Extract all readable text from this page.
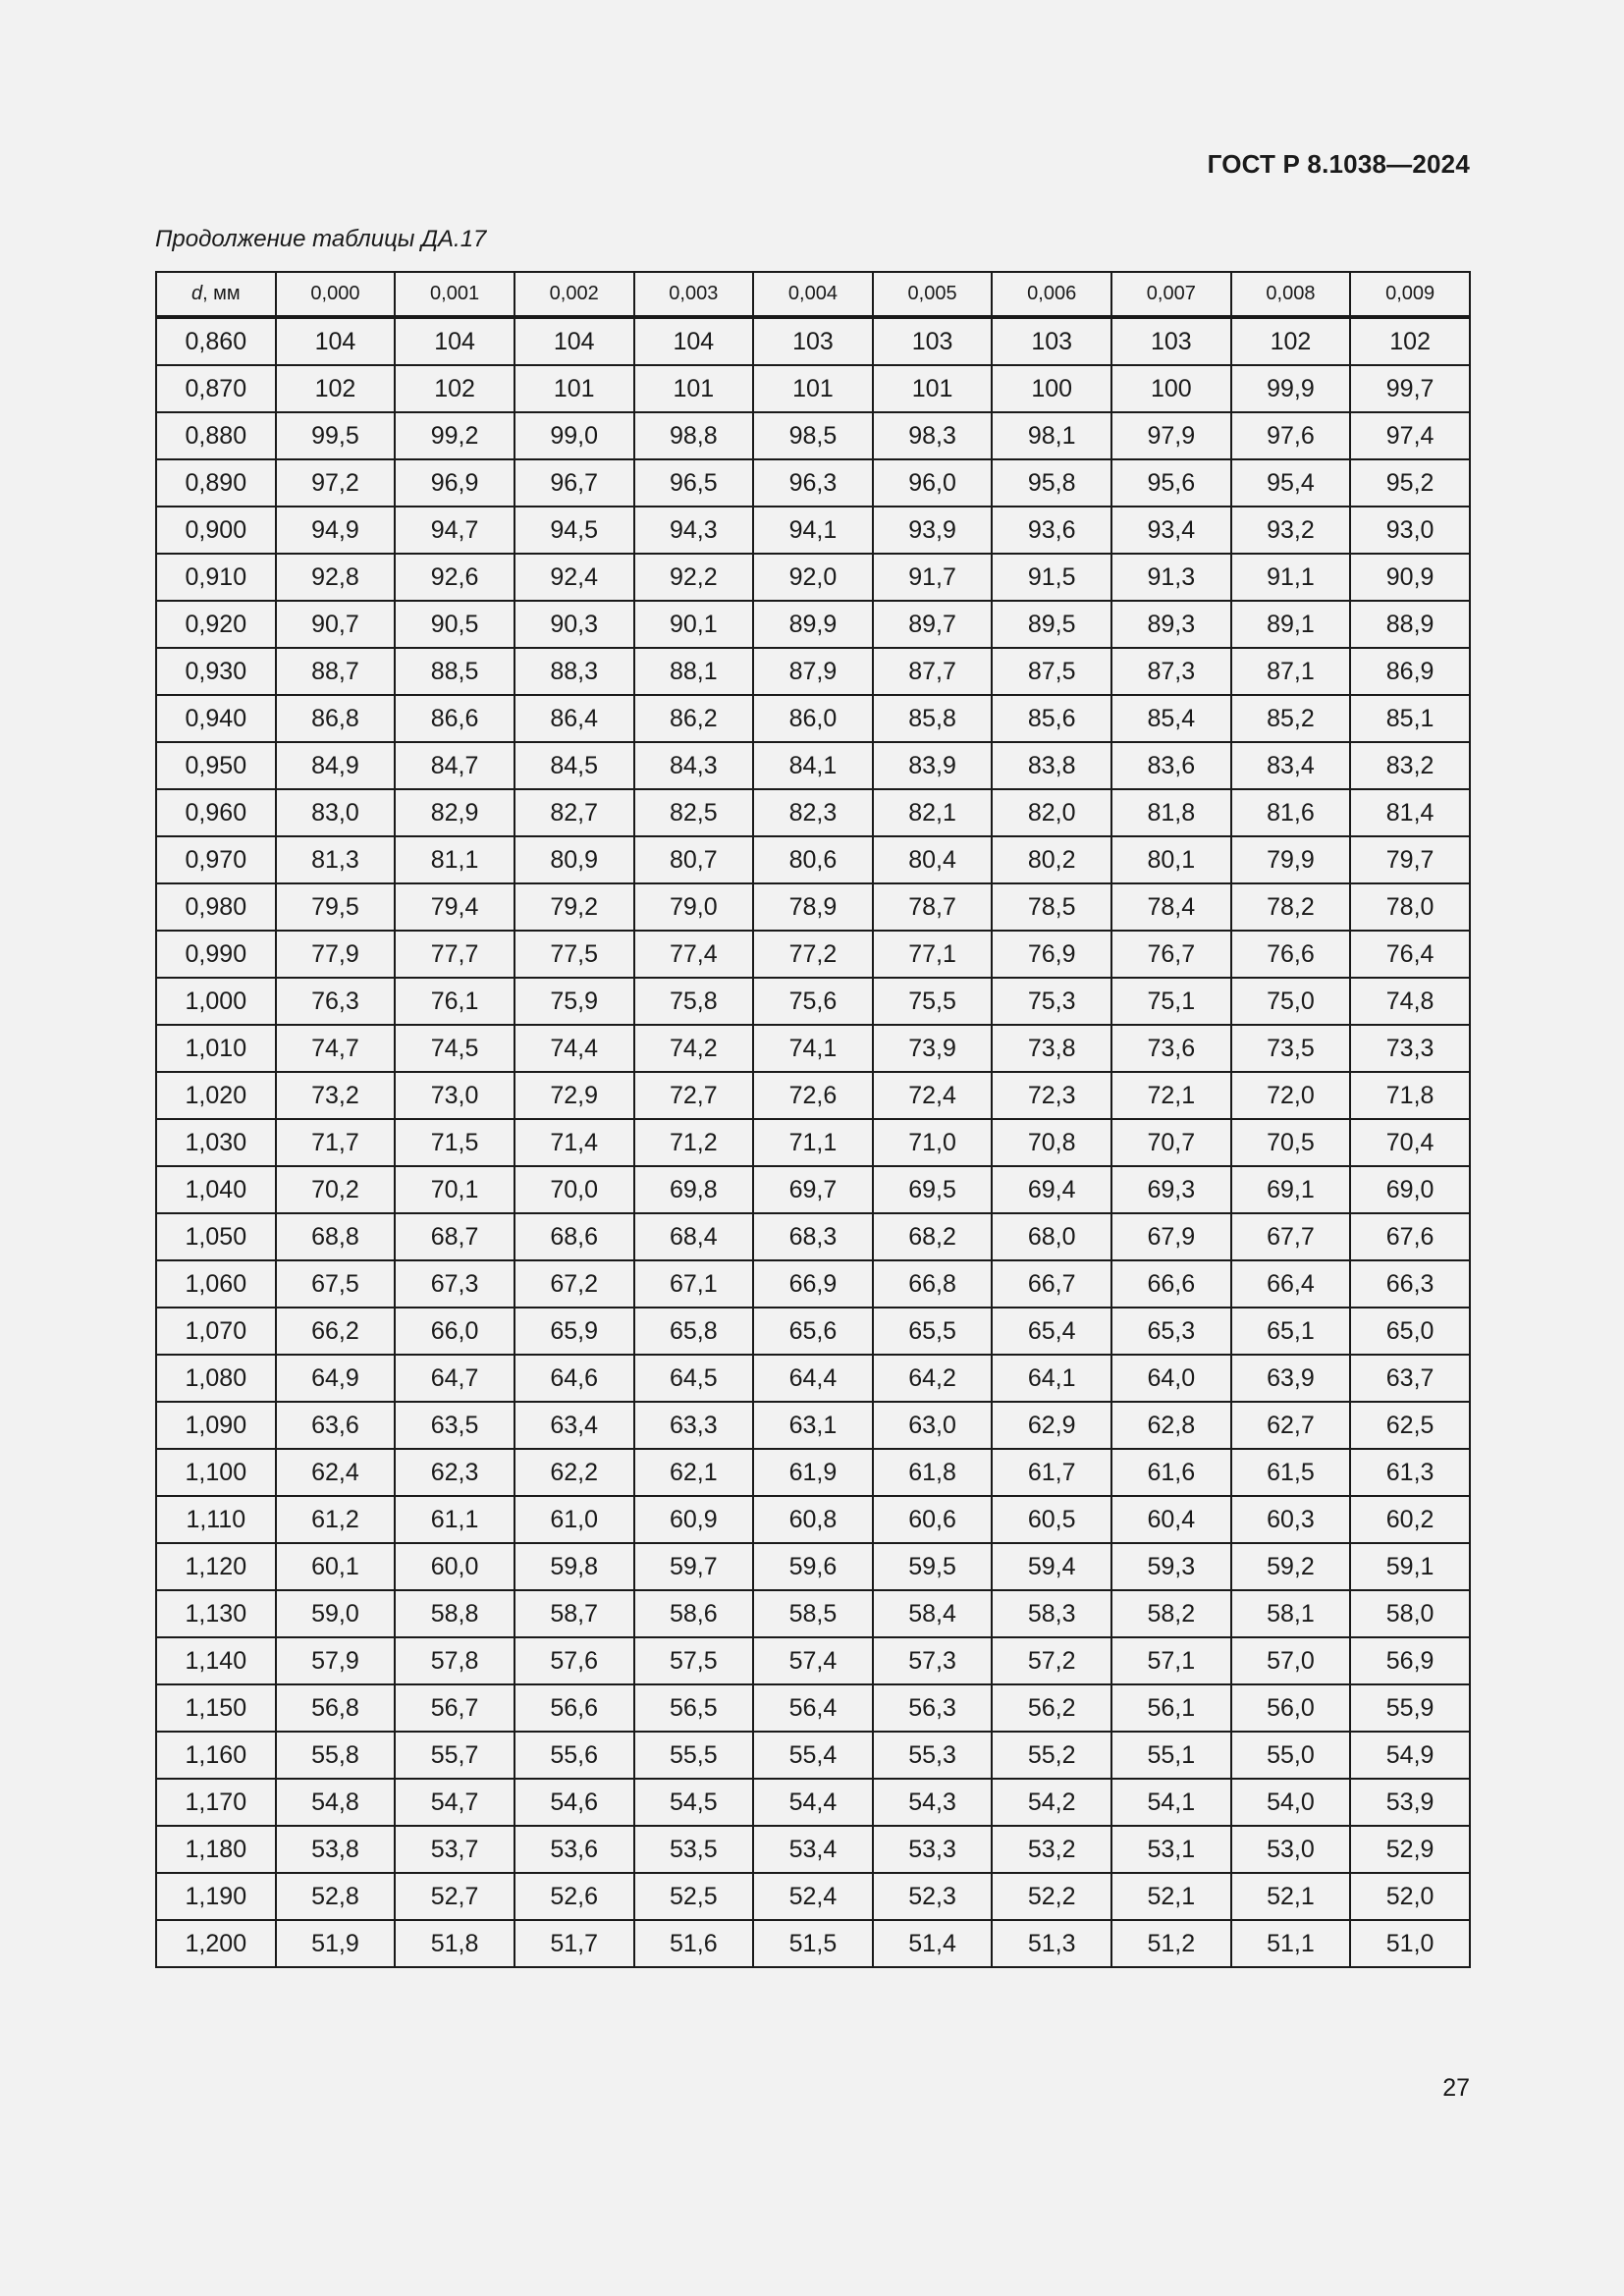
ГОСТ Р 8.1038—2024
Продолжение таблицы ДА.17
d, мм	0,000	0,001	0,002	0,003	0,004	0,005	0,006	0,007	0,008	0,009
0,860	104	104	104	104	103	103	103	103	102	102
0,870	102	102	101	101	101	101	100	100	99,9	99,7
0,880	99,5	99,2	99,0	98,8	98,5	98,3	98,1	97,9	97,6	97,4
0,890	97,2	96,9	96,7	96,5	96,3	96,0	95,8	95,6	95,4	95,2
0,900	94,9	94,7	94,5	94,3	94,1	93,9	93,6	93,4	93,2	93,0
0,910	92,8	92,6	92,4	92,2	92,0	91,7	91,5	91,3	91,1	90,9
0,920	90,7	90,5	90,3	90,1	89,9	89,7	89,5	89,3	89,1	88,9
0,930	88,7	88,5	88,3	88,1	87,9	87,7	87,5	87,3	87,1	86,9
0,940	86,8	86,6	86,4	86,2	86,0	85,8	85,6	85,4	85,2	85,1
0,950	84,9	84,7	84,5	84,3	84,1	83,9	83,8	83,6	83,4	83,2
0,960	83,0	82,9	82,7	82,5	82,3	82,1	82,0	81,8	81,6	81,4
0,970	81,3	81,1	80,9	80,7	80,6	80,4	80,2	80,1	79,9	79,7
0,980	79,5	79,4	79,2	79,0	78,9	78,7	78,5	78,4	78,2	78,0
0,990	77,9	77,7	77,5	77,4	77,2	77,1	76,9	76,7	76,6	76,4
1,000	76,3	76,1	75,9	75,8	75,6	75,5	75,3	75,1	75,0	74,8
1,010	74,7	74,5	74,4	74,2	74,1	73,9	73,8	73,6	73,5	73,3
1,020	73,2	73,0	72,9	72,7	72,6	72,4	72,3	72,1	72,0	71,8
1,030	71,7	71,5	71,4	71,2	71,1	71,0	70,8	70,7	70,5	70,4
1,040	70,2	70,1	70,0	69,8	69,7	69,5	69,4	69,3	69,1	69,0
1,050	68,8	68,7	68,6	68,4	68,3	68,2	68,0	67,9	67,7	67,6
1,060	67,5	67,3	67,2	67,1	66,9	66,8	66,7	66,6	66,4	66,3
1,070	66,2	66,0	65,9	65,8	65,6	65,5	65,4	65,3	65,1	65,0
1,080	64,9	64,7	64,6	64,5	64,4	64,2	64,1	64,0	63,9	63,7
1,090	63,6	63,5	63,4	63,3	63,1	63,0	62,9	62,8	62,7	62,5
1,100	62,4	62,3	62,2	62,1	61,9	61,8	61,7	61,6	61,5	61,3
1,110	61,2	61,1	61,0	60,9	60,8	60,6	60,5	60,4	60,3	60,2
1,120	60,1	60,0	59,8	59,7	59,6	59,5	59,4	59,3	59,2	59,1
1,130	59,0	58,8	58,7	58,6	58,5	58,4	58,3	58,2	58,1	58,0
1,140	57,9	57,8	57,6	57,5	57,4	57,3	57,2	57,1	57,0	56,9
1,150	56,8	56,7	56,6	56,5	56,4	56,3	56,2	56,1	56,0	55,9
1,160	55,8	55,7	55,6	55,5	55,4	55,3	55,2	55,1	55,0	54,9
1,170	54,8	54,7	54,6	54,5	54,4	54,3	54,2	54,1	54,0	53,9
1,180	53,8	53,7	53,6	53,5	53,4	53,3	53,2	53,1	53,0	52,9
1,190	52,8	52,7	52,6	52,5	52,4	52,3	52,2	52,1	52,1	52,0
1,200	51,9	51,8	51,7	51,6	51,5	51,4	51,3	51,2	51,1	51,0
27
